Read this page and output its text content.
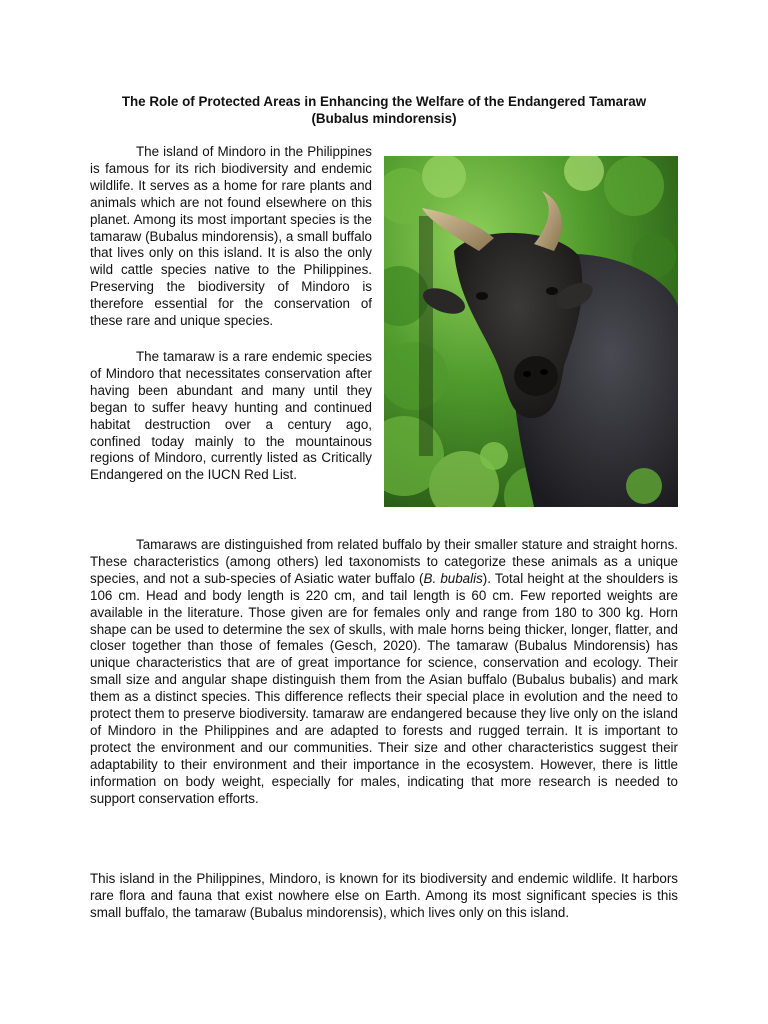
The Role of Protected Areas in Enhancing the Welfare of the Endangered Tamaraw
(Bubalus mindorensis)

The island of Mindoro in the Philippines is famous for its rich biodiversity and endemic wildlife. It serves as a home for rare plants and animals which are not found elsewhere on this planet. Among its most important species is the tamaraw (Bubalus mindorensis), a small buffalo that lives only on this island. It is also the only wild cattle species native to the Philippines. Preserving the biodiversity of Mindoro is therefore essential for the conservation of these rare and unique species.

The tamaraw is a rare endemic species of Mindoro that necessitates conservation after having been abundant and many until they began to suffer heavy hunting and continued habitat destruction over a century ago, confined today mainly to the mountainous regions of Mindoro, currently listed as Critically Endangered on the IUCN Red List.

Tamaraws are distinguished from related buffalo by their smaller stature and straight horns. These characteristics (among others) led taxonomists to categorize these animals as a unique species, and not a sub-species of Asiatic water buffalo (B. bubalis). Total height at the shoulders is 106 cm. Head and body length is 220 cm, and tail length is 60 cm. Few reported weights are available in the literature. Those given are for females only and range from 180 to 300 kg. Horn shape can be used to determine the sex of skulls, with male horns being thicker, longer, flatter, and closer together than those of females (Gesch, 2020). The tamaraw (Bubalus Mindorensis) has unique characteristics that are of great importance for science, conservation and ecology. Their small size and angular shape distinguish them from the Asian buffalo (Bubalus bubalis) and mark them as a distinct species. This difference reflects their special place in evolution and the need to protect them to preserve biodiversity. tamaraw are endangered because they live only on the island of Mindoro in the Philippines and are adapted to forests and rugged terrain. It is important to protect the environment and our communities. Their size and other characteristics suggest their adaptability to their environment and their importance in the ecosystem. However, there is little information on body weight, especially for males, indicating that more research is needed to support conservation efforts.

This island in the Philippines, Mindoro, is known for its biodiversity and endemic wildlife. It harbors rare flora and fauna that exist nowhere else on Earth. Among its most significant species is this small buffalo, the tamaraw (Bubalus mindorensis), which lives only on this island.
